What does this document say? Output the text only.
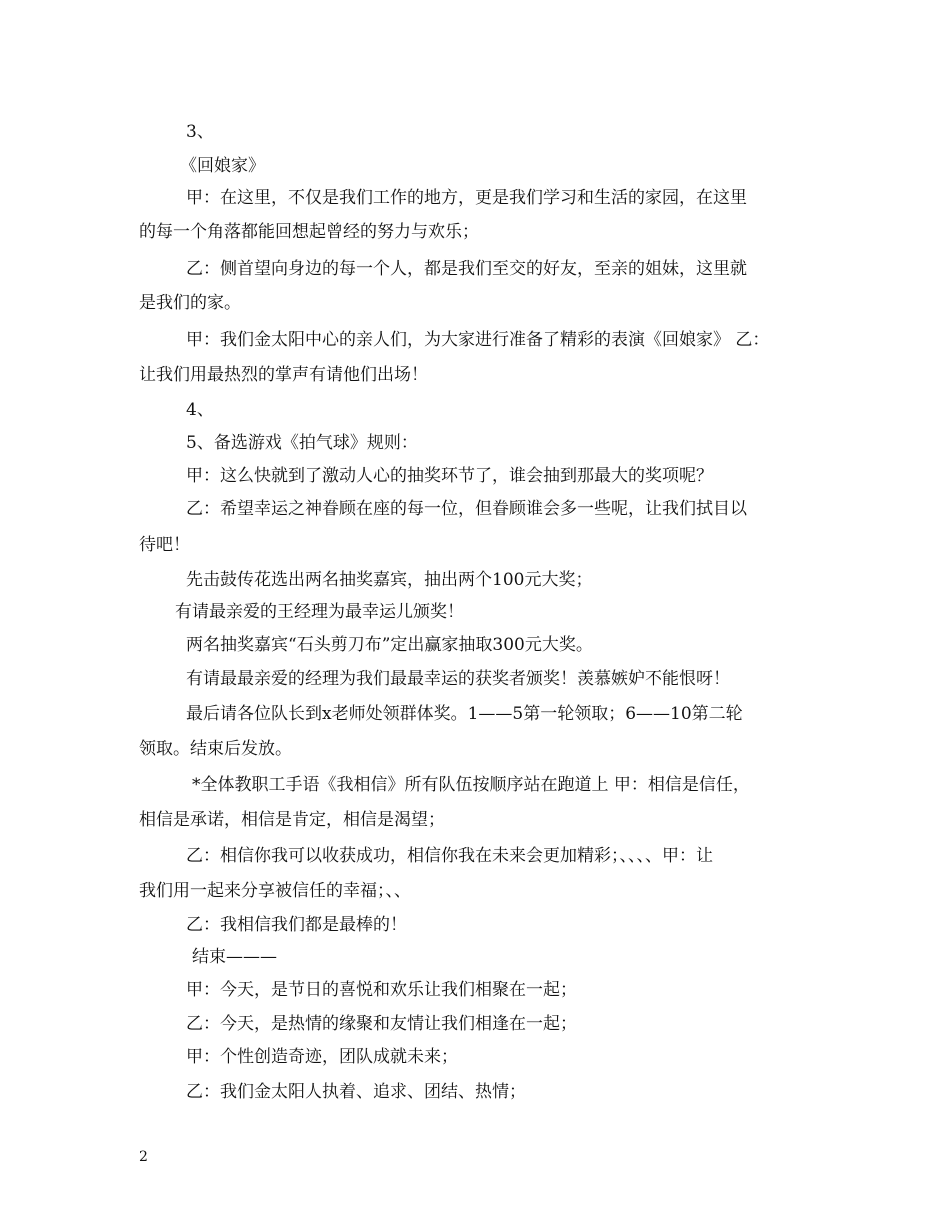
3、
《回娘家》
甲：在这里，不仅是我们工作的地方，更是我们学习和生活的家园，在这里
的每一个角落都能回想起曾经的努力与欢乐；
乙：侧首望向身边的每一个人，都是我们至交的好友，至亲的姐妹，这里就
是我们的家。
甲：我们金太阳中心的亲人们，为大家进行准备了精彩的表演《回娘家》 乙：
让我们用最热烈的掌声有请他们出场！
4、
5、备选游戏《拍气球》规则：
甲：这么快就到了激动人心的抽奖环节了，谁会抽到那最大的奖项呢？
乙：希望幸运之神眷顾在座的每一位，但眷顾谁会多一些呢，让我们拭目以
待吧！
先击鼓传花选出两名抽奖嘉宾，抽出两个100元大奖；
有请最亲爱的王经理为最幸运儿颁奖！
两名抽奖嘉宾“石头剪刀布”定出赢家抽取300元大奖。
有请最最亲爱的经理为我们最最幸运的获奖者颁奖！羡慕嫉妒不能恨呀！
最后请各位队长到x老师处领群体奖。1——5第一轮领取；6——10第二轮
领取。结束后发放。
*全体教职工手语《我相信》所有队伍按顺序站在跑道上 甲：相信是信任，
相信是承诺，相信是肯定，相信是渴望；
乙：相信你我可以收获成功，相信你我在未来会更加精彩；、、、、甲：让
我们用一起来分享被信任的幸福；、、
乙：我相信我们都是最棒的！
结束———
甲：今天，是节日的喜悦和欢乐让我们相聚在一起；
乙：今天，是热情的缘聚和友情让我们相逢在一起；
甲：个性创造奇迹，团队成就未来；
乙：我们金太阳人执着、追求、团结、热情；
2
